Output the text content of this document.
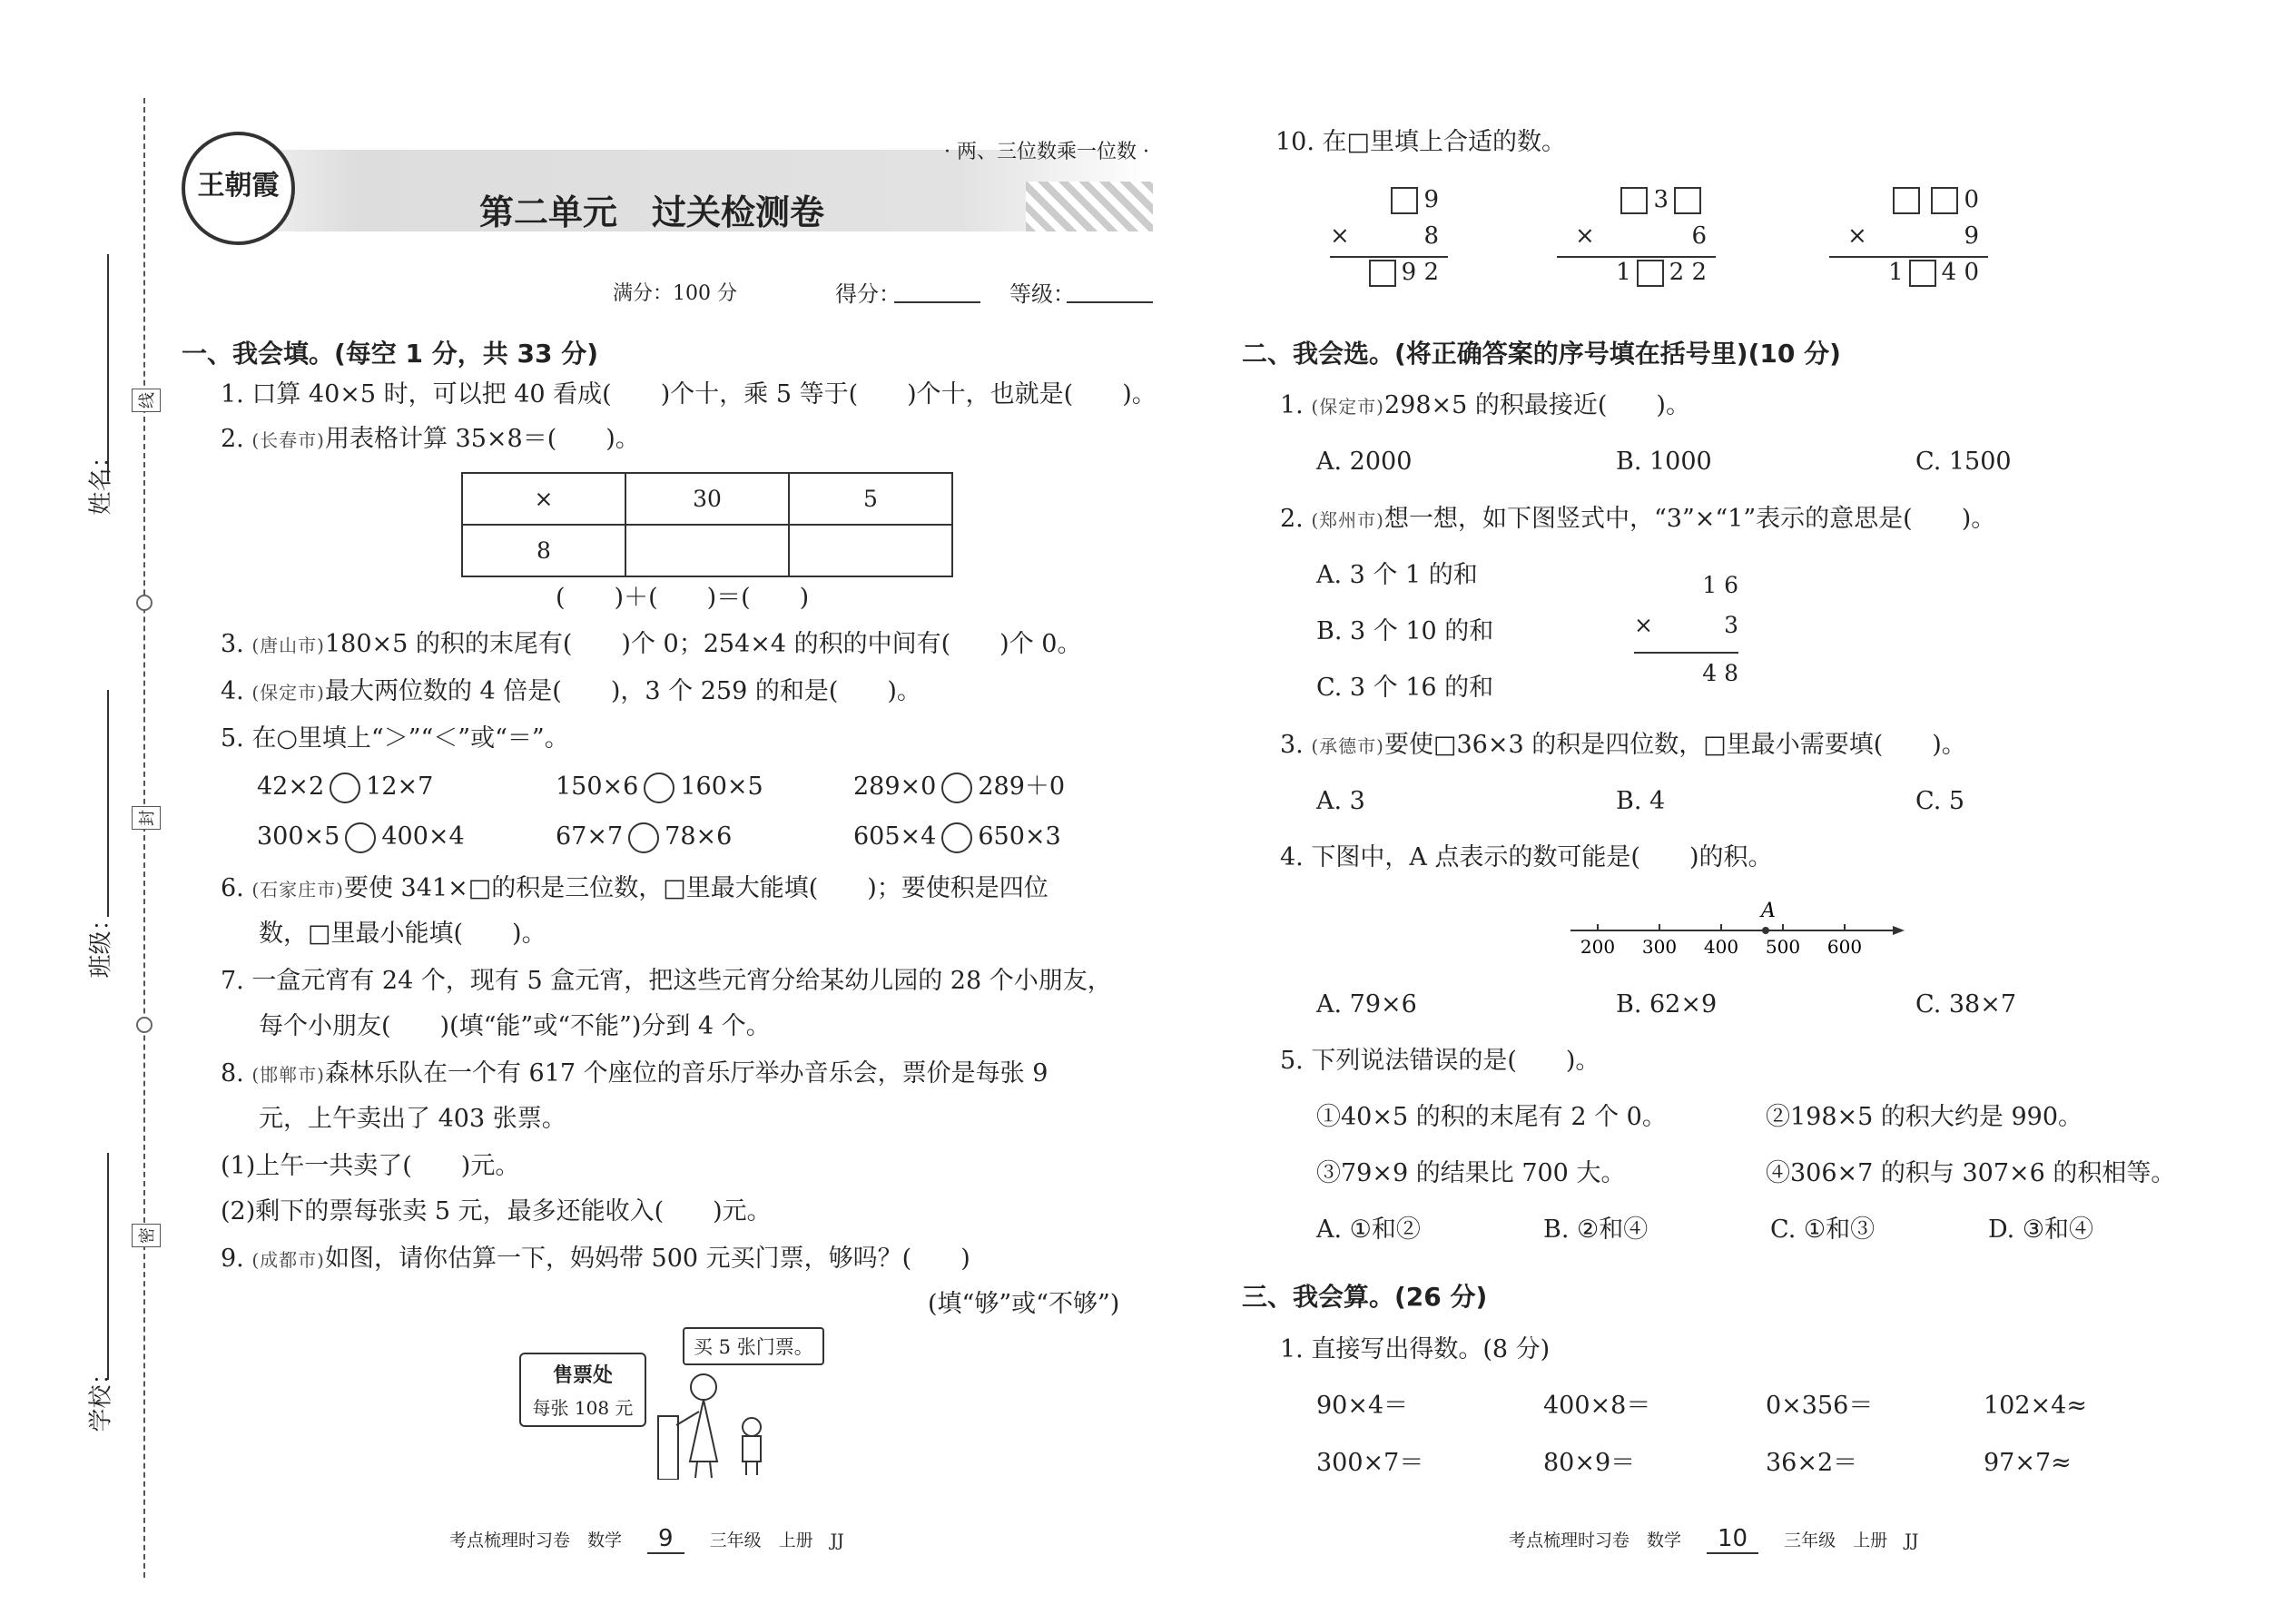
姓名：
班级：
学校：
线
封
密
王朝霞
· 两、三位数乘一位数 ·
第二单元　过关检测卷
满分：100 分	得分：	等级：
一、我会填。(每空 1 分，共 33 分)
1. 口算 40×5 时，可以把 40 看成(　　)个十，乘 5 等于(　　)个十，也就是(　　)。
2. (长春市)用表格计算 35×8＝(　　)。
×	30	5
8		
(　　)＋(　　)＝(　　)
3. (唐山市)180×5 的积的末尾有(　　)个 0；254×4 的积的中间有(　　)个 0。
4. (保定市)最大两位数的 4 倍是(　　)，3 个 259 的和是(　　)。
5. 在○里填上“＞”“＜”或“＝”。
42×2 12×7	150×6 160×5	289×0 289＋0
300×5 400×4	67×7 78×6	605×4 650×3
6. (石家庄市)要使 341×□的积是三位数，□里最大能填(　　)；要使积是四位
数，□里最小能填(　　)。
7. 一盒元宵有 24 个，现有 5 盒元宵，把这些元宵分给某幼儿园的 28 个小朋友，
每个小朋友(　　)(填“能”或“不能”)分到 4 个。
8. (邯郸市)森林乐队在一个有 617 个座位的音乐厅举办音乐会，票价是每张 9
元，上午卖出了 403 张票。
(1)上午一共卖了(　　)元。
(2)剩下的票每张卖 5 元，最多还能收入(　　)元。
9. (成都市)如图，请你估算一下，妈妈带 500 元买门票，够吗？(　　)
(填“够”或“不够”)
售票处
每张 108 元
买 5 张门票。
10. 在□里填上合适的数。
9
×	8
9 2
3
×	6
1 2 2
0
×	9
1 4 0
二、我会选。(将正确答案的序号填在括号里)(10 分)
1. (保定市)298×5 的积最接近(　　)。
A. 2000	B. 1000	C. 1500
2. (郑州市)想一想，如下图竖式中，“3”×“1”表示的意思是(　　)。
A. 3 个 1 的和
B. 3 个 10 的和
C. 3 个 16 的和
1 6
×	3
4 8
3. (承德市)要使□36×3 的积是四位数，□里最小需要填(　　)。
A. 3	B. 4	C. 5
4. 下图中，A 点表示的数可能是(　　)的积。
200 300 400 500 600
A
A. 79×6	B. 62×9	C. 38×7
5. 下列说法错误的是(　　)。
①40×5 的积的末尾有 2 个 0。	②198×5 的积大约是 990。
③79×9 的结果比 700 大。	④306×7 的积与 307×6 的积相等。
A. ①和②	B. ②和④	C. ①和③	D. ③和④
三、我会算。(26 分)
1. 直接写出得数。(8 分)
90×4＝	400×8＝	0×356＝	102×4≈
300×7＝	80×9＝	36×2＝	97×7≈
考点梳理时习卷　数学 9 三年级　上册　JJ	考点梳理时习卷　数学 10 三年级　上册　JJ
